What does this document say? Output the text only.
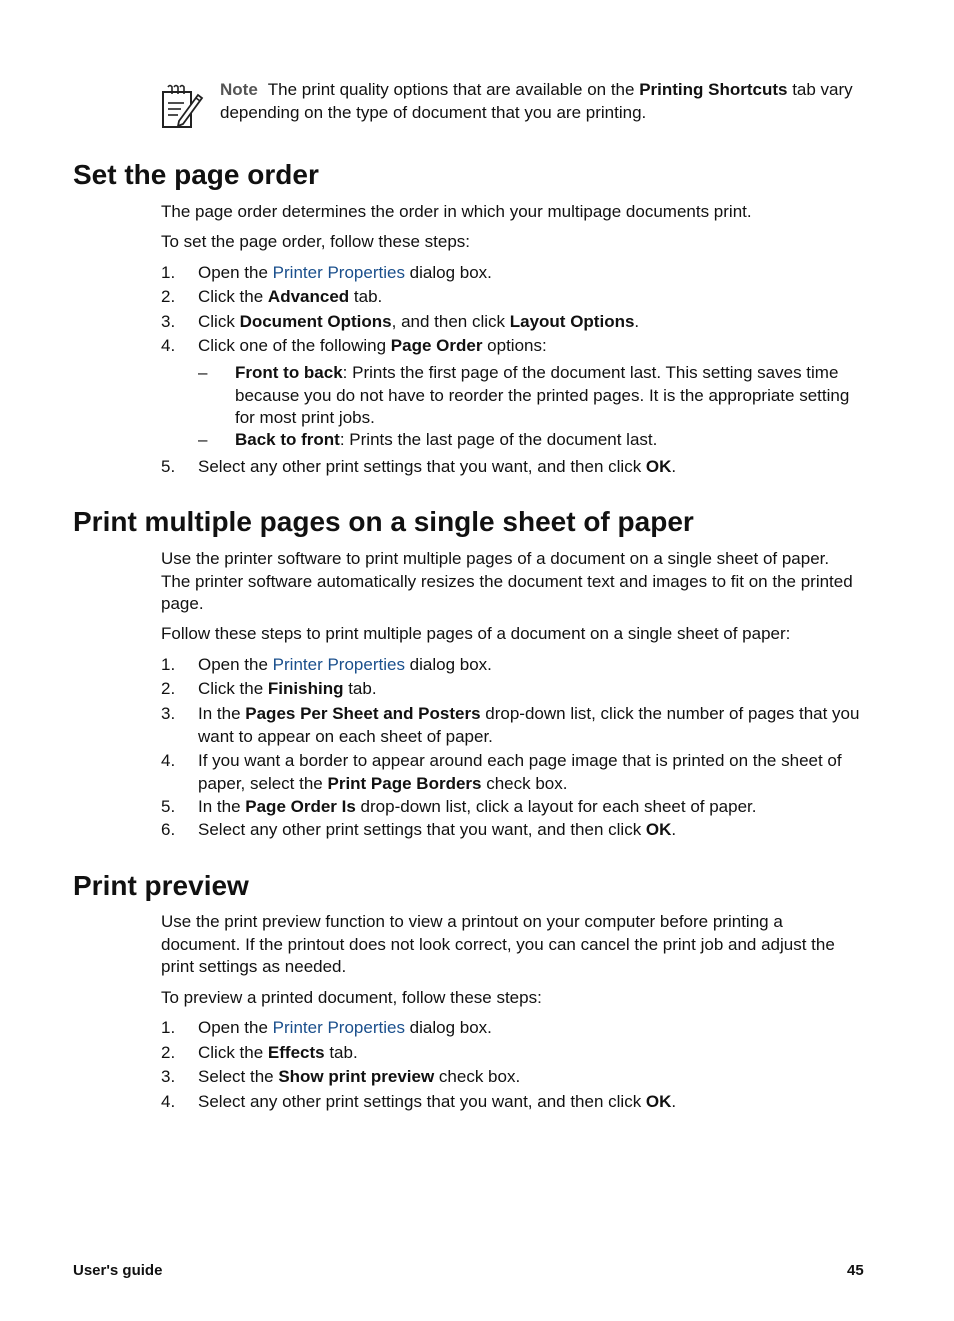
Note The print quality options that are available on the Printing Shortcuts tab vary depending on the type of document that you are printing.
Set the page order

The page order determines the order in which your multipage documents print.

To set the page order, follow these steps:

1. Open the Printer Properties dialog box.
2. Click the Advanced tab.
3. Click Document Options, and then click Layout Options.
4. Click one of the following Page Order options:
– Front to back: Prints the first page of the document last. This setting saves time because you do not have to reorder the printed pages. It is the appropriate setting for most print jobs.
– Back to front: Prints the last page of the document last.
5. Select any other print settings that you want, and then click OK.
Print multiple pages on a single sheet of paper

Use the printer software to print multiple pages of a document on a single sheet of paper. The printer software automatically resizes the document text and images to fit on the printed page.

Follow these steps to print multiple pages of a document on a single sheet of paper:

1. Open the Printer Properties dialog box.
2. Click the Finishing tab.
3. In the Pages Per Sheet and Posters drop-down list, click the number of pages that you want to appear on each sheet of paper.
4. If you want a border to appear around each page image that is printed on the sheet of paper, select the Print Page Borders check box.
5. In the Page Order Is drop-down list, click a layout for each sheet of paper.
6. Select any other print settings that you want, and then click OK.
Print preview

Use the print preview function to view a printout on your computer before printing a document. If the printout does not look correct, you can cancel the print job and adjust the print settings as needed.

To preview a printed document, follow these steps:

1. Open the Printer Properties dialog box.
2. Click the Effects tab.
3. Select the Show print preview check box.
4. Select any other print settings that you want, and then click OK.
User's guide	45
